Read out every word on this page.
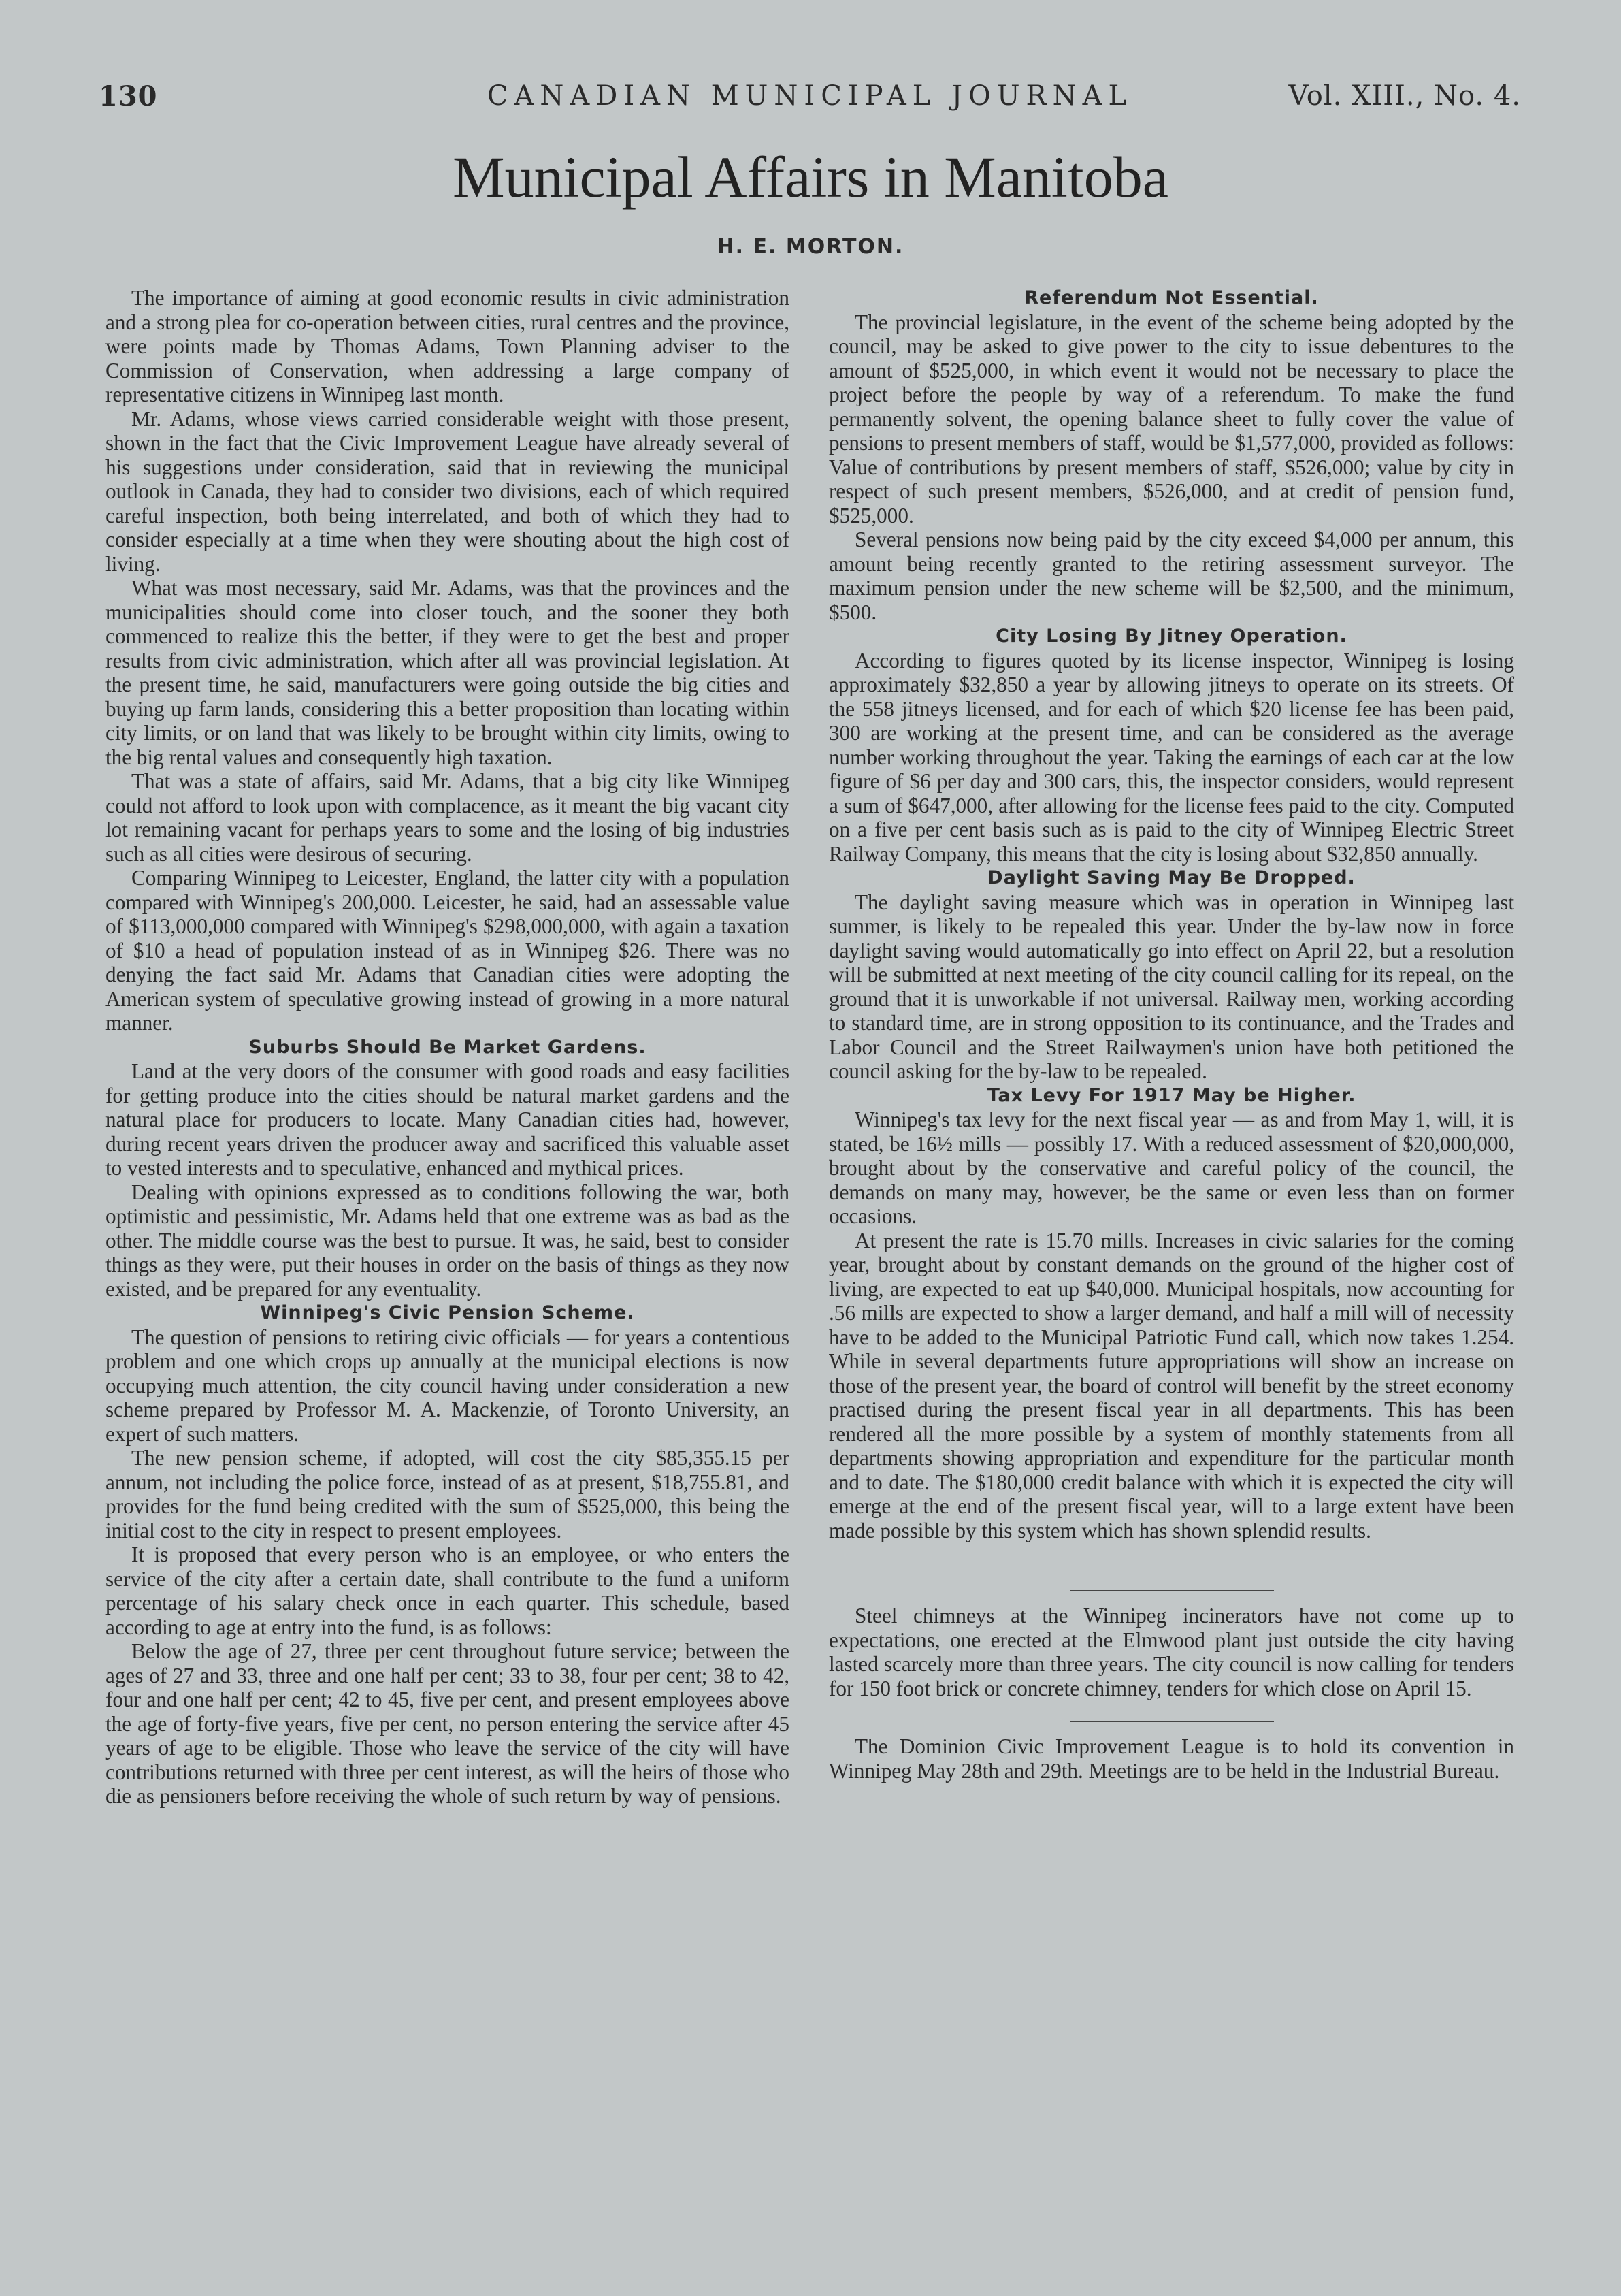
130	CANADIAN MUNICIPAL JOURNAL	Vol. XIII., No. 4.
Municipal Affairs in Manitoba
H. E. MORTON.

The importance of aiming at good economic results in civic administration and a strong plea for co-operation between cities, rural centres and the province, were points made by Thomas Adams, Town Planning adviser to the Commission of Conservation, when addressing a large company of representative citizens in Winnipeg last month.

Mr. Adams, whose views carried considerable weight with those present, shown in the fact that the Civic Improvement League have already several of his suggestions under consideration, said that in reviewing the municipal outlook in Canada, they had to consider two divisions, each of which required careful inspection, both being interrelated, and both of which they had to consider especially at a time when they were shouting about the high cost of living.

What was most necessary, said Mr. Adams, was that the provinces and the municipalities should come into closer touch, and the sooner they both commenced to realize this the better, if they were to get the best and proper results from civic administration, which after all was provincial legislation. At the present time, he said, manufacturers were going outside the big cities and buying up farm lands, considering this a better proposition than locating within city limits, or on land that was likely to be brought within city limits, owing to the big rental values and consequently high taxation.

That was a state of affairs, said Mr. Adams, that a big city like Winnipeg could not afford to look upon with complacence, as it meant the big vacant city lot remaining vacant for perhaps years to some and the losing of big industries such as all cities were desirous of securing.

Comparing Winnipeg to Leicester, England, the latter city with a population compared with Winnipeg's 200,000. Leicester, he said, had an assessable value of $113,000,000 compared with Winnipeg's $298,000,000, with again a taxation of $10 a head of population instead of as in Winnipeg $26. There was no denying the fact said Mr. Adams that Canadian cities were adopting the American system of speculative growing instead of growing in a more natural manner.

Suburbs Should Be Market Gardens.

Land at the very doors of the consumer with good roads and easy facilities for getting produce into the cities should be natural market gardens and the natural place for producers to locate. Many Canadian cities had, however, during recent years driven the producer away and sacrificed this valuable asset to vested interests and to speculative, enhanced and mythical prices.

Dealing with opinions expressed as to conditions following the war, both optimistic and pessimistic, Mr. Adams held that one extreme was as bad as the other. The middle course was the best to pursue. It was, he said, best to consider things as they were, put their houses in order on the basis of things as they now existed, and be prepared for any eventuality.

Winnipeg's Civic Pension Scheme.

The question of pensions to retiring civic officials — for years a contentious problem and one which crops up annually at the municipal elections is now occupying much attention, the city council having under consideration a new scheme prepared by Professor M. A. Mackenzie, of Toronto University, an expert of such matters.

The new pension scheme, if adopted, will cost the city $85,355.15 per annum, not including the police force, instead of as at present, $18,755.81, and provides for the fund being credited with the sum of $525,000, this being the initial cost to the city in respect to present employees.

It is proposed that every person who is an employee, or who enters the service of the city after a certain date, shall contribute to the fund a uniform percentage of his salary check once in each quarter. This schedule, based according to age at entry into the fund, is as follows:

Below the age of 27, three per cent throughout future service; between the ages of 27 and 33, three and one half per cent; 33 to 38, four per cent; 38 to 42, four and one half per cent; 42 to 45, five per cent, and present employees above the age of forty-five years, five per cent, no person entering the service after 45 years of age to be eligible. Those who leave the service of the city will have contributions returned with three per cent interest, as will the heirs of those who die as pensioners before receiving the whole of such return by way of pensions.

Referendum Not Essential.

The provincial legislature, in the event of the scheme being adopted by the council, may be asked to give power to the city to issue debentures to the amount of $525,000, in which event it would not be necessary to place the project before the people by way of a referendum. To make the fund permanently solvent, the opening balance sheet to fully cover the value of pensions to present members of staff, would be $1,577,000, provided as follows: Value of contributions by present members of staff, $526,000; value by city in respect of such present members, $526,000, and at credit of pension fund, $525,000.

Several pensions now being paid by the city exceed $4,000 per annum, this amount being recently granted to the retiring assessment surveyor. The maximum pension under the new scheme will be $2,500, and the minimum, $500.

City Losing By Jitney Operation.

According to figures quoted by its license inspector, Winnipeg is losing approximately $32,850 a year by allowing jitneys to operate on its streets. Of the 558 jitneys licensed, and for each of which $20 license fee has been paid, 300 are working at the present time, and can be considered as the average number working throughout the year. Taking the earnings of each car at the low figure of $6 per day and 300 cars, this, the inspector considers, would represent a sum of $647,000, after allowing for the license fees paid to the city. Computed on a five per cent basis such as is paid to the city of Winnipeg Electric Street Railway Company, this means that the city is losing about $32,850 annually.

Daylight Saving May Be Dropped.

The daylight saving measure which was in operation in Winnipeg last summer, is likely to be repealed this year. Under the by-law now in force daylight saving would automatically go into effect on April 22, but a resolution will be submitted at next meeting of the city council calling for its repeal, on the ground that it is unworkable if not universal. Railway men, working according to standard time, are in strong opposition to its continuance, and the Trades and Labor Council and the Street Railwaymen's union have both petitioned the council asking for the by-law to be repealed.

Tax Levy For 1917 May be Higher.

Winnipeg's tax levy for the next fiscal year — as and from May 1, will, it is stated, be 16½ mills — possibly 17. With a reduced assessment of $20,000,000, brought about by the conservative and careful policy of the council, the demands on many may, however, be the same or even less than on former occasions.

At present the rate is 15.70 mills. Increases in civic salaries for the coming year, brought about by constant demands on the ground of the higher cost of living, are expected to eat up $40,000. Municipal hospitals, now accounting for .56 mills are expected to show a larger demand, and half a mill will of necessity have to be added to the Municipal Patriotic Fund call, which now takes 1.254. While in several departments future appropriations will show an increase on those of the present year, the board of control will benefit by the street economy practised during the present fiscal year in all departments. This has been rendered all the more possible by a system of monthly statements from all departments showing appropriation and expenditure for the particular month and to date. The $180,000 credit balance with which it is expected the city will emerge at the end of the present fiscal year, will to a large extent have been made possible by this system which has shown splendid results.

Steel chimneys at the Winnipeg incinerators have not come up to expectations, one erected at the Elmwood plant just outside the city having lasted scarcely more than three years. The city council is now calling for tenders for 150 foot brick or concrete chimney, tenders for which close on April 15.

The Dominion Civic Improvement League is to hold its convention in Winnipeg May 28th and 29th. Meetings are to be held in the Industrial Bureau.
